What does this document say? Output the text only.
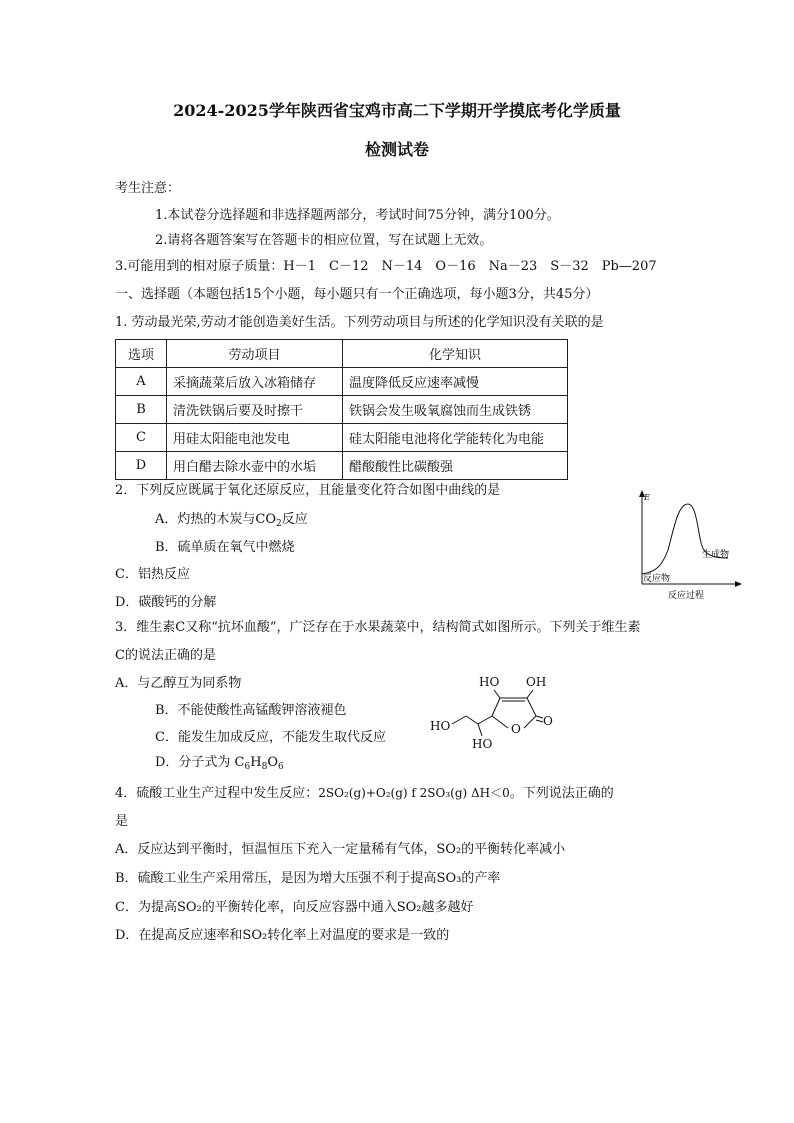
2024-2025学年陕西省宝鸡市高二下学期开学摸底考化学质量
检测试卷
考生注意：
1.本试卷分选择题和非选择题两部分，考试时间75分钟，满分100分。
2.请将各题答案写在答题卡的相应位置，写在试题上无效。
3.可能用到的相对原子质量：H－1　C－12　N－14　O－16　Na－23　S－32　Pb—207
一、选择题（本题包括15个小题，每小题只有一个正确选项，每小题3分，共45分）
1. 劳动最光荣,劳动才能创造美好生活。下列劳动项目与所述的化学知识没有关联的是
选项	劳动项目	化学知识
A	采摘蔬菜后放入冰箱储存	温度降低反应速率减慢
B	清洗铁锅后要及时擦干	铁锅会发生吸氧腐蚀而生成铁锈
C	用硅太阳能电池发电	硅太阳能电池将化学能转化为电能
D	用白醋去除水壶中的水垢	醋酸酸性比碳酸强
2．下列反应既属于氧化还原反应，且能量变化符合如图中曲线的是
A．灼热的木炭与$CO_2$反应
B．硫单质在氧气中燃烧
C．铝热反应
D．碳酸钙的分解
E
反应物
生成物
反应过程
3．维生素C又称“抗坏血酸”，广泛存在于水果蔬菜中，结构简式如图所示。下列关于维生素
C的说法正确的是
A．与乙醇互为同系物
B．不能使酸性高锰酸钾溶液褪色
C．能发生加成反应，不能发生取代反应
D．分子式为 $C_6H_8O_6$
HO OH
O
O
HO
HO
4．硫酸工业生产过程中发生反应：2SO₂(g)+O₂(g) f 2SO₃(g) ΔH＜0。下列说法正确的
是
A．反应达到平衡时，恒温恒压下充入一定量稀有气体，SO₂的平衡转化率减小
B．硫酸工业生产采用常压，是因为增大压强不利于提高SO₃的产率
C．为提高SO₂的平衡转化率，向反应容器中通入SO₂越多越好
D．在提高反应速率和SO₂转化率上对温度的要求是一致的
